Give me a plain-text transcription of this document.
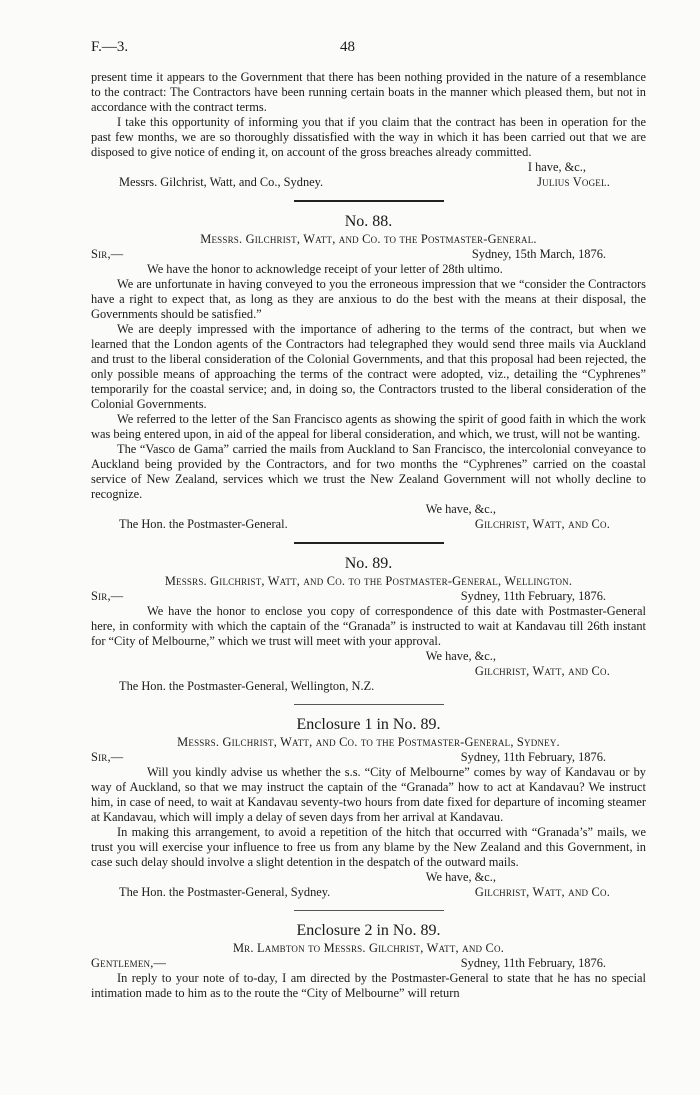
F.—3.	48

present time it appears to the Government that there has been nothing provided in the nature of a resemblance to the contract: The Contractors have been running certain boats in the manner which pleased them, but not in accordance with the contract terms.

I take this opportunity of informing you that if you claim that the contract has been in operation for the past few months, we are so thoroughly dissatisfied with the way in which it has been carried out that we are disposed to give notice of ending it, on account of the gross breaches already committed.

I have, &c.,
Messrs. Gilchrist, Watt, and Co., Sydney.	Julius Vogel.
No. 88.
Messrs. Gilchrist, Watt, and Co. to the Postmaster-General.
Sir,—	Sydney, 15th March, 1876.

We have the honor to acknowledge receipt of your letter of 28th ultimo.

We are unfortunate in having conveyed to you the erroneous impression that we “consider the Contractors have a right to expect that, as long as they are anxious to do the best with the means at their disposal, the Governments should be satisfied.”

We are deeply impressed with the importance of adhering to the terms of the contract, but when we learned that the London agents of the Contractors had telegraphed they would send three mails via Auckland and trust to the liberal consideration of the Colonial Governments, and that this proposal had been rejected, the only possible means of approaching the terms of the contract were adopted, viz., detailing the “Cyphrenes” temporarily for the coastal service; and, in doing so, the Contractors trusted to the liberal consideration of the Colonial Governments.

We referred to the letter of the San Francisco agents as showing the spirit of good faith in which the work was being entered upon, in aid of the appeal for liberal consideration, and which, we trust, will not be wanting.

The “Vasco de Gama” carried the mails from Auckland to San Francisco, the intercolonial conveyance to Auckland being provided by the Contractors, and for two months the “Cyphrenes” carried on the coastal service of New Zealand, services which we trust the New Zealand Government will not wholly decline to recognize.

We have, &c.,
The Hon. the Postmaster-General.	Gilchrist, Watt, and Co.
No. 89.
Messrs. Gilchrist, Watt, and Co. to the Postmaster-General, Wellington.
Sir,—	Sydney, 11th February, 1876.

We have the honor to enclose you copy of correspondence of this date with Postmaster-General here, in conformity with which the captain of the “Granada” is instructed to wait at Kandavau till 26th instant for “City of Melbourne,” which we trust will meet with your approval.

We have, &c.,
Gilchrist, Watt, and Co.
The Hon. the Postmaster-General, Wellington, N.Z.
Enclosure 1 in No. 89.
Messrs. Gilchrist, Watt, and Co. to the Postmaster-General, Sydney.
Sir,—	Sydney, 11th February, 1876.

Will you kindly advise us whether the s.s. “City of Melbourne” comes by way of Kandavau or by way of Auckland, so that we may instruct the captain of the “Granada” how to act at Kandavau? We instruct him, in case of need, to wait at Kandavau seventy-two hours from date fixed for departure of incoming steamer at Kandavau, which will imply a delay of seven days from her arrival at Kandavau.

In making this arrangement, to avoid a repetition of the hitch that occurred with “Granada’s” mails, we trust you will exercise your influence to free us from any blame by the New Zealand and this Government, in case such delay should involve a slight detention in the despatch of the outward mails.

We have, &c.,
The Hon. the Postmaster-General, Sydney.	Gilchrist, Watt, and Co.
Enclosure 2 in No. 89.
Mr. Lambton to Messrs. Gilchrist, Watt, and Co.
Gentlemen,—	Sydney, 11th February, 1876.

In reply to your note of to-day, I am directed by the Postmaster-General to state that he has no special intimation made to him as to the route the “City of Melbourne” will return
